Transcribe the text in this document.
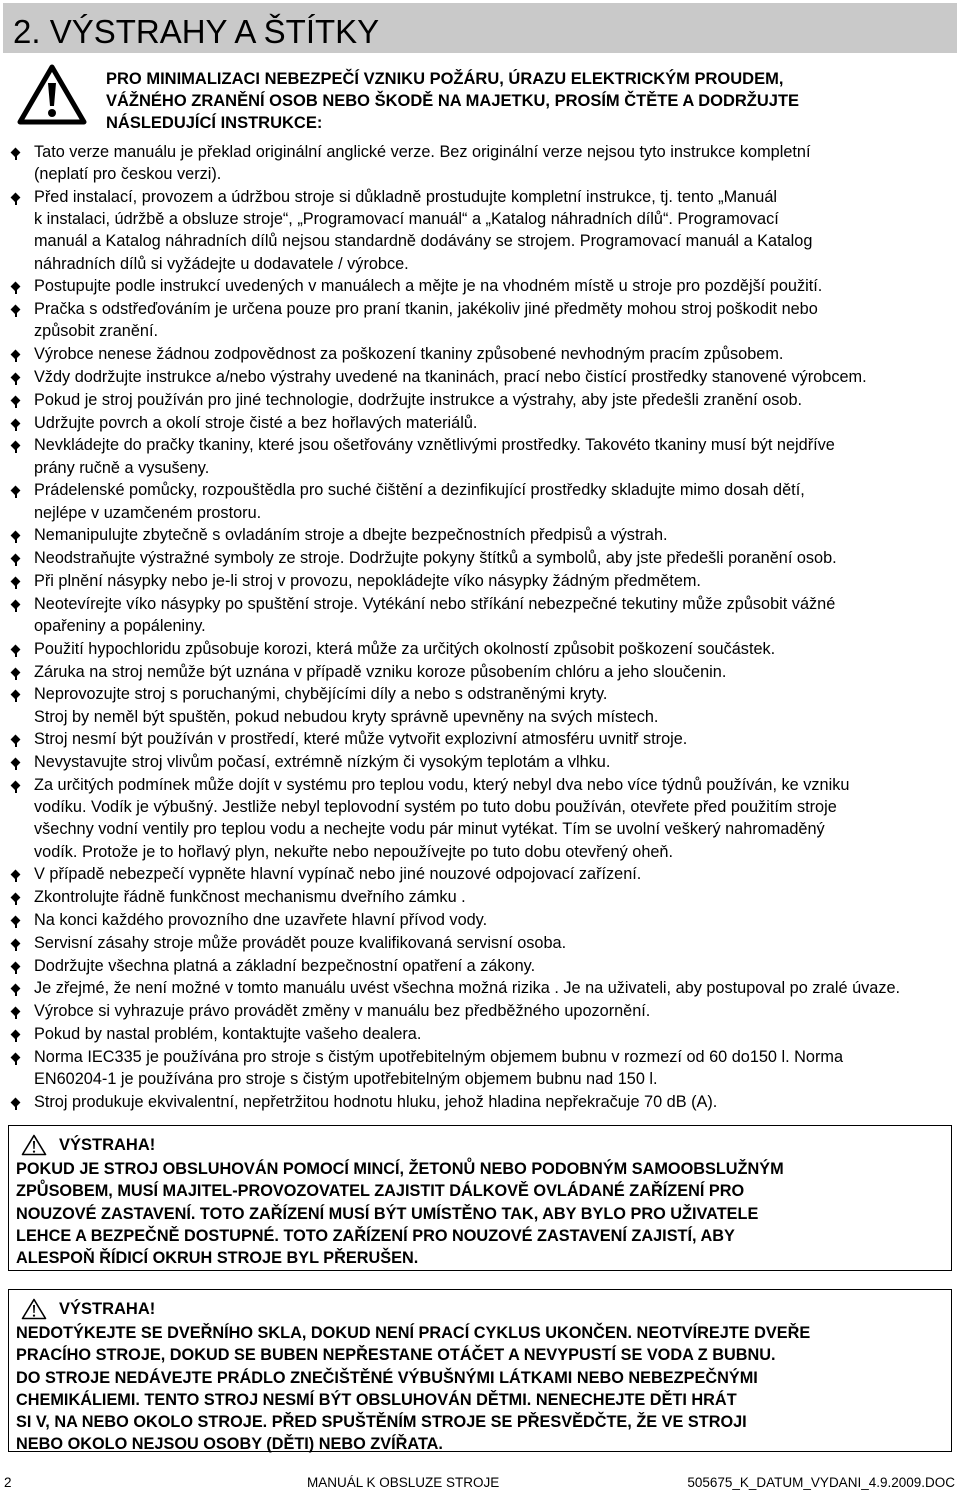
2. VÝSTRAHY A ŠTÍTKY

PRO MINIMALIZACI NEBEZPEČÍ VZNIKU POŽÁRU, ÚRAZU ELEKTRICKÝM PROUDEM,
VÁŽNÉHO ZRANĚNÍ OSOB NEBO ŠKODĚ NA MAJETKU, PROSÍM ČTĚTE A DODRŽUJTE
NÁSLEDUJÍCÍ INSTRUKCE:

Tato verze manuálu je překlad originální anglické verze. Bez originální verze nejsou tyto instrukce kompletní
(neplatí pro českou verzi).
Před instalací, provozem a údržbou stroje si důkladně prostudujte kompletní instrukce, tj. tento „Manuál
k instalaci, údržbě a obsluze stroje“, „Programovací manuál“ a „Katalog náhradních dílů“. Programovací
manuál a Katalog náhradních dílů nejsou standardně dodávány se strojem. Programovací manuál a Katalog
náhradních dílů si vyžádejte u dodavatele / výrobce.
Postupujte podle instrukcí uvedených v manuálech a mějte je na vhodném místě u stroje pro pozdější použití.
Pračka s odstřeďováním je určena pouze pro praní tkanin, jakékoliv jiné předměty mohou stroj poškodit nebo
způsobit zranění.
Výrobce nenese žádnou zodpovědnost za poškození tkaniny způsobené nevhodným pracím způsobem.
Vždy dodržujte instrukce a/nebo výstrahy uvedené na tkaninách, prací nebo čistící prostředky stanovené výrobcem.
Pokud je stroj používán pro jiné technologie, dodržujte instrukce a výstrahy, aby jste předešli zranění osob.
Udržujte povrch a okolí stroje čisté a bez hořlavých materiálů.
Nevkládejte do pračky tkaniny, které jsou ošetřovány vznětlivými prostředky. Takovéto tkaniny musí být nejdříve
prány ručně a vysušeny.
Prádelenské pomůcky, rozpouštědla pro suché čištění a dezinfikující prostředky skladujte mimo dosah dětí,
nejlépe v uzamčeném prostoru.
Nemanipulujte zbytečně s ovladáním stroje a dbejte bezpečnostních předpisů a výstrah.
Neodstraňujte výstražné symboly ze stroje. Dodržujte pokyny štítků a symbolů, aby jste předešli poranění osob.
Při plnění násypky nebo je-li stroj v provozu, nepokládejte víko násypky žádným předmětem.
Neotevírejte víko násypky po spuštění stroje. Vytékání nebo stříkání nebezpečné tekutiny může způsobit vážné
opařeniny a popáleniny.
Použití hypochloridu způsobuje korozi, která může za určitých okolností způsobit poškození součástek.
Záruka na stroj nemůže být uznána v případě vzniku koroze působením chlóru a jeho sloučenin.
Neprovozujte stroj s poruchanými, chybějícími díly a nebo s odstraněnými kryty.
Stroj by neměl být spuštěn, pokud nebudou kryty správně upevněny na svých místech.
Stroj nesmí být používán v prostředí, které může vytvořit explozivní atmosféru uvnitř stroje.
Nevystavujte stroj vlivům počasí, extrémně nízkým či vysokým teplotám a vlhku.
Za určitých podmínek může dojít v systému pro teplou vodu, který nebyl dva nebo více týdnů používán, ke vzniku
vodíku. Vodík je výbušný. Jestliže nebyl teplovodní systém po tuto dobu používán, otevřete před použitím stroje
všechny vodní ventily pro teplou vodu a nechejte vodu pár minut vytékat. Tím se uvolní veškerý nahromaděný
vodík. Protože je to hořlavý plyn, nekuřte nebo nepoužívejte po tuto dobu otevřený oheň.
V případě nebezpečí vypněte hlavní vypínač nebo jiné nouzové odpojovací zařízení.
Zkontrolujte řádně funkčnost mechanismu dveřního zámku .
Na konci každého provozního dne uzavřete hlavní přívod vody.
Servisní zásahy stroje může provádět pouze kvalifikovaná servisní osoba.
Dodržujte všechna platná a základní bezpečnostní opatření a zákony.
Je zřejmé, že není možné v tomto manuálu uvést všechna možná rizika . Je na uživateli, aby postupoval po zralé úvaze.
Výrobce si vyhrazuje právo provádět změny v manuálu bez předběžného upozornění.
Pokud by nastal problém, kontaktujte vašeho dealera.
Norma IEC335 je používána pro stroje s čistým upotřebitelným objemem bubnu v rozmezí od 60 do150 l. Norma
EN60204-1 je používána pro stroje s čistým upotřebitelným objemem bubnu nad 150 l.
Stroj produkuje ekvivalentní, nepřetržitou hodnotu hluku, jehož hladina nepřekračuje 70 dB (A).
VÝSTRAHA!
POKUD JE STROJ OBSLUHOVÁN POMOCÍ MINCÍ, ŽETONŮ NEBO PODOBNÝM SAMOOBSLUŽNÝM
ZPŮSOBEM, MUSÍ MAJITEL-PROVOZOVATEL ZAJISTIT DÁLKOVĚ OVLÁDANÉ ZAŘÍZENÍ PRO
NOUZOVÉ ZASTAVENÍ. TOTO ZAŘÍZENÍ MUSÍ BÝT UMÍSTĚNO TAK, ABY BYLO PRO UŽIVATELE
LEHCE A BEZPEČNĚ DOSTUPNÉ. TOTO ZAŘÍZENÍ PRO NOUZOVÉ ZASTAVENÍ ZAJISTÍ, ABY
ALESPOŇ ŘÍDICÍ OKRUH STROJE BYL PŘERUŠEN.
VÝSTRAHA!
NEDOTÝKEJTE SE DVEŘNÍHO SKLA, DOKUD NENÍ PRACÍ CYKLUS UKONČEN. NEOTVÍREJTE DVEŘE
PRACÍHO STROJE, DOKUD SE BUBEN NEPŘESTANE OTÁČET A NEVYPUSTÍ SE VODA Z BUBNU.
DO STROJE NEDÁVEJTE PRÁDLO ZNEČIŠTĚNÉ VÝBUŠNÝMI LÁTKAMI NEBO NEBEZPEČNÝMI
CHEMIKÁLIEMI. TENTO STROJ NESMÍ BÝT OBSLUHOVÁN DĚTMI. NENECHEJTE DĚTI HRÁT
SI V, NA NEBO OKOLO STROJE. PŘED SPUŠTĚNÍM STROJE SE PŘESVĚDČTE, ŽE VE STROJI
NEBO OKOLO NEJSOU OSOBY (DĚTI) NEBO ZVÍŘATA.
2	MANUÁL K OBSLUZE STROJE	505675_K_DATUM_VYDANI_4.9.2009.DOC
